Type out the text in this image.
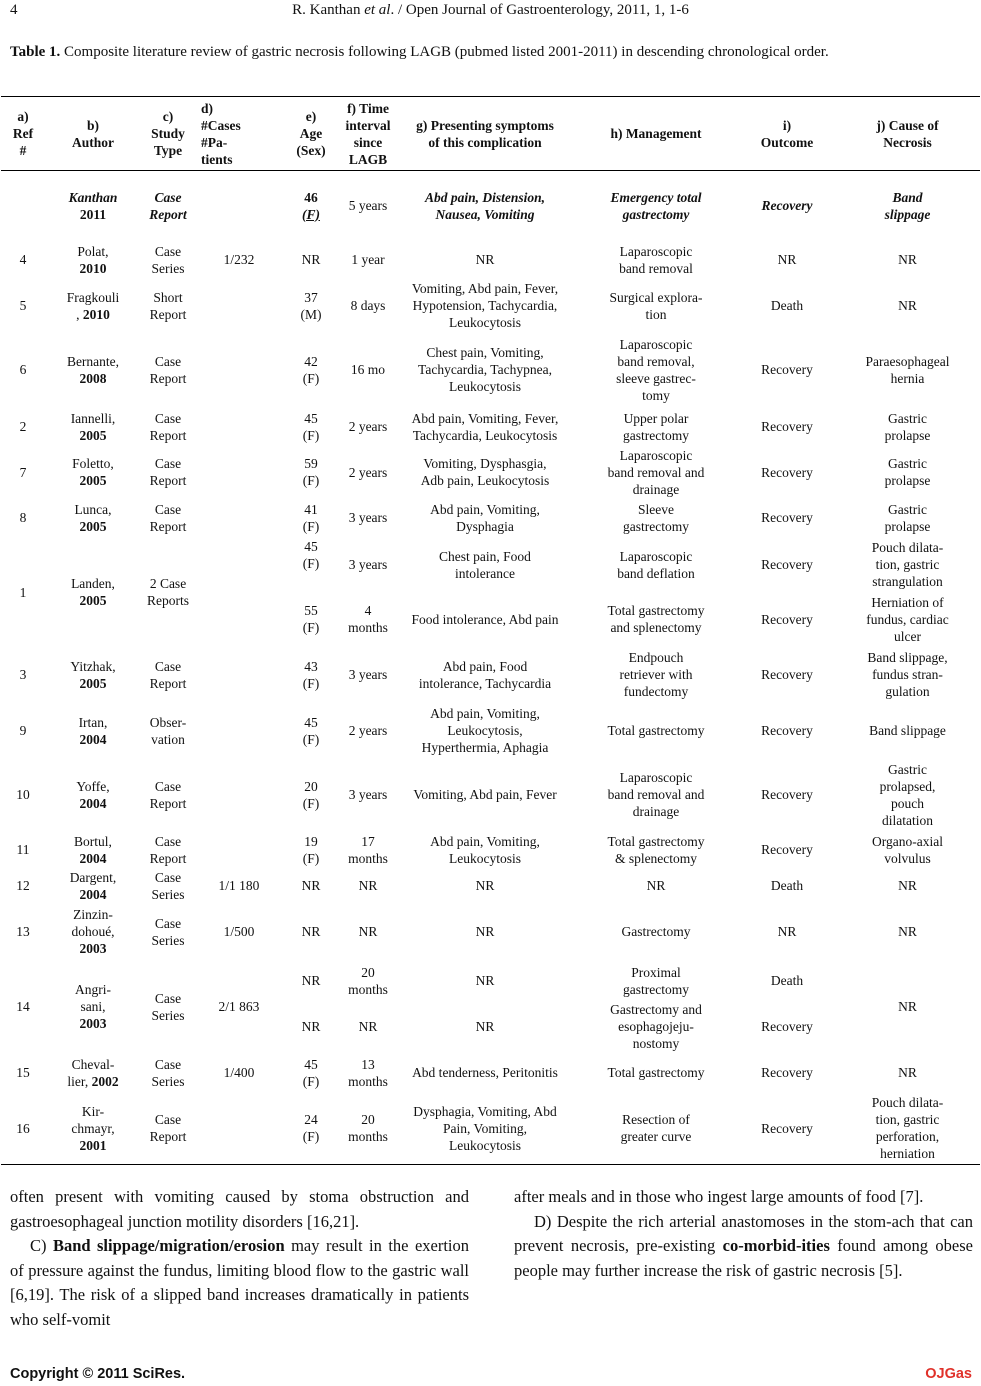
4	R. Kanthan et al. / Open Journal of Gastroenterology, 2011, 1, 1-6
Table 1. Composite literature review of gastric necrosis following LAGB (pubmed listed 2001-2011) in descending chronological order.
a)
Ref
#	b)
Author	c)
Study
Type	d)
#Cases
#Pa-
tients	e)
Age
(Sex)	f) Time
interval
since
LAGB	g) Presenting symptoms
of this complication	h) Management	i)
Outcome	j) Cause of
Necrosis
	Kanthan
2011	Case
Report		46
(F)	5 years	Abd pain, Distension,
Nausea, Vomiting	Emergency total
gastrectomy	Recovery	Band
slippage
4	Polat,
2010	Case
Series	1/232	NR	1 year	NR	Laparoscopic
band removal	NR	NR
5	Fragkouli
, 2010	Short
Report		37
(M)	8 days	Vomiting, Abd pain, Fever,
Hypotension, Tachycardia,
Leukocytosis	Surgical explora-
tion	Death	NR
6	Bernante,
2008	Case
Report		42
(F)	16 mo	Chest pain, Vomiting,
Tachycardia, Tachypnea,
Leukocytosis	Laparoscopic
band removal,
sleeve gastrec-
tomy	Recovery	Paraesophageal
hernia
2	Iannelli,
2005	Case
Report		45
(F)	2 years	Abd pain, Vomiting, Fever,
Tachycardia, Leukocytosis	Upper polar
gastrectomy	Recovery	Gastric
prolapse
7	Foletto,
2005	Case
Report		59
(F)	2 years	Vomiting, Dysphasgia,
Adb pain, Leukocytosis	Laparoscopic
band removal and
drainage	Recovery	Gastric
prolapse
8	Lunca,
2005	Case
Report		41
(F)	3 years	Abd pain, Vomiting,
Dysphagia	Sleeve
gastrectomy	Recovery	Gastric
prolapse
1	Landen,
2005	2 Case
Reports		45
(F)	3 years	Chest pain, Food
intolerance	Laparoscopic
band deflation	Recovery	Pouch dilata-
tion, gastric
strangulation
				55
(F)	4
months	Food intolerance, Abd pain	Total gastrectomy
and splenectomy	Recovery	Herniation of
fundus, cardiac
ulcer
3	Yitzhak,
2005	Case
Report		43
(F)	3 years	Abd pain, Food
intolerance, Tachycardia	Endpouch
retriever with
fundectomy	Recovery	Band slippage,
fundus stran-
gulation
9	Irtan,
2004	Obser-
vation		45
(F)	2 years	Abd pain, Vomiting,
Leukocytosis,
Hyperthermia, Aphagia	Total gastrectomy	Recovery	Band slippage
10	Yoffe,
2004	Case
Report		20
(F)	3 years	Vomiting, Abd pain, Fever	Laparoscopic
band removal and
drainage	Recovery	Gastric
prolapsed,
pouch
dilatation
11	Bortul,
2004	Case
Report		19
(F)	17
months	Abd pain, Vomiting,
Leukocytosis	Total gastrectomy
& splenectomy	Recovery	Organo-axial
volvulus
12	Dargent,
2004	Case
Series	1/1 180	NR	NR	NR	NR	Death	NR
13	Zinzin-
dohoué,
2003	Case
Series	1/500	NR	NR	NR	Gastrectomy	NR	NR
14	Angri-
sani,
2003	Case
Series	2/1 863	NR	20
months	NR	Proximal
gastrectomy	Death	NR
				NR	NR	NR	Gastrectomy and
esophagojeju-
nostomy	Recovery	
15	Cheval-
lier, 2002	Case
Series	1/400	45
(F)	13
months	Abd tenderness, Peritonitis	Total gastrectomy	Recovery	NR
16	Kir-
chmayr,
2001	Case
Report		24
(F)	20
months	Dysphagia, Vomiting, Abd
Pain, Vomiting,
Leukocytosis	Resection of
greater curve	Recovery	Pouch dilata-
tion, gastric
perforation,
herniation

often present with vomiting caused by stoma obstruction and gastroesophageal junction motility disorders [16,21].

C) Band slippage/migration/erosion may result in the exertion of pressure against the fundus, limiting blood flow to the gastric wall [6,19]. The risk of a slipped band increases dramatically in patients who self-vomit

after meals and in those who ingest large amounts of food [7].

D) Despite the rich arterial anastomoses in the stom-ach that can prevent necrosis, pre-existing co-morbid-ities found among obese people may further increase the risk of gastric necrosis [5].

Copyright © 2011 SciRes.	OJGas
